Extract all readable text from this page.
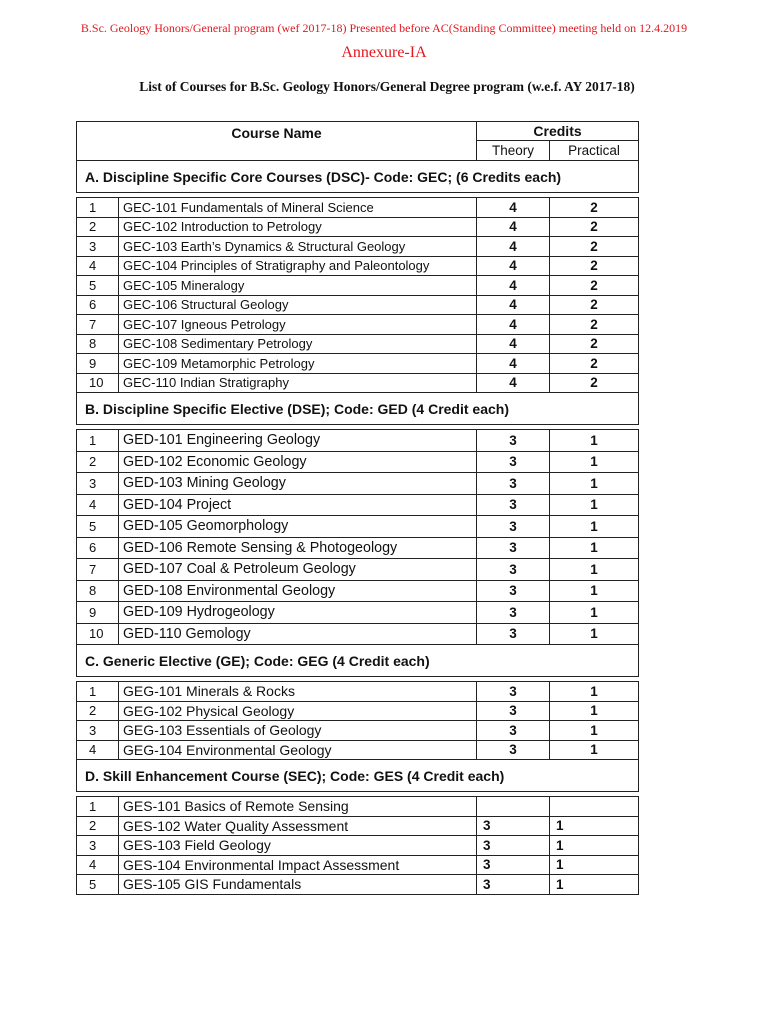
B.Sc. Geology Honors/General program (wef 2017-18) Presented before AC(Standing Committee) meeting held on 12.4.2019
Annexure-IA
List of Courses for B.Sc. Geology Honors/General Degree program (w.e.f. AY 2017-18)
Course Name		Credits	
		Theory	Practical
A. Discipline Specific Core Courses (DSC)- Code: GEC; (6 Credits each)			

1	GEC-101 Fundamentals of Mineral Science	4	2
2	GEC-102 Introduction to Petrology	4	2
3	GEC-103 Earth’s Dynamics & Structural Geology	4	2
4	GEC-104 Principles of Stratigraphy and Paleontology	4	2
5	GEC-105 Mineralogy	4	2
6	GEC-106 Structural Geology	4	2
7	GEC-107 Igneous Petrology	4	2
8	GEC-108 Sedimentary Petrology	4	2
9	GEC-109 Metamorphic Petrology	4	2
10	GEC-110 Indian Stratigraphy	4	2
B. Discipline Specific Elective (DSE); Code: GED (4 Credit each)			

1	GED-101 Engineering Geology	3	1
2	GED-102 Economic Geology	3	1
3	GED-103 Mining Geology	3	1
4	GED-104 Project	3	1
5	GED-105 Geomorphology	3	1
6	GED-106 Remote Sensing & Photogeology	3	1
7	GED-107 Coal & Petroleum Geology	3	1
8	GED-108 Environmental Geology	3	1
9	GED-109 Hydrogeology	3	1
10	GED-110 Gemology	3	1
C. Generic Elective (GE); Code: GEG (4 Credit each)			

1	GEG-101 Minerals & Rocks	3	1
2	GEG-102 Physical Geology	3	1
3	GEG-103 Essentials of Geology	3	1
4	GEG-104 Environmental Geology	3	1
D. Skill Enhancement Course (SEC); Code: GES (4 Credit each)			

1	GES-101 Basics of Remote Sensing		
2	GES-102 Water Quality Assessment	3	1
3	GES-103 Field Geology	3	1
4	GES-104 Environmental Impact Assessment	3	1
5	GES-105 GIS Fundamentals	3	1
